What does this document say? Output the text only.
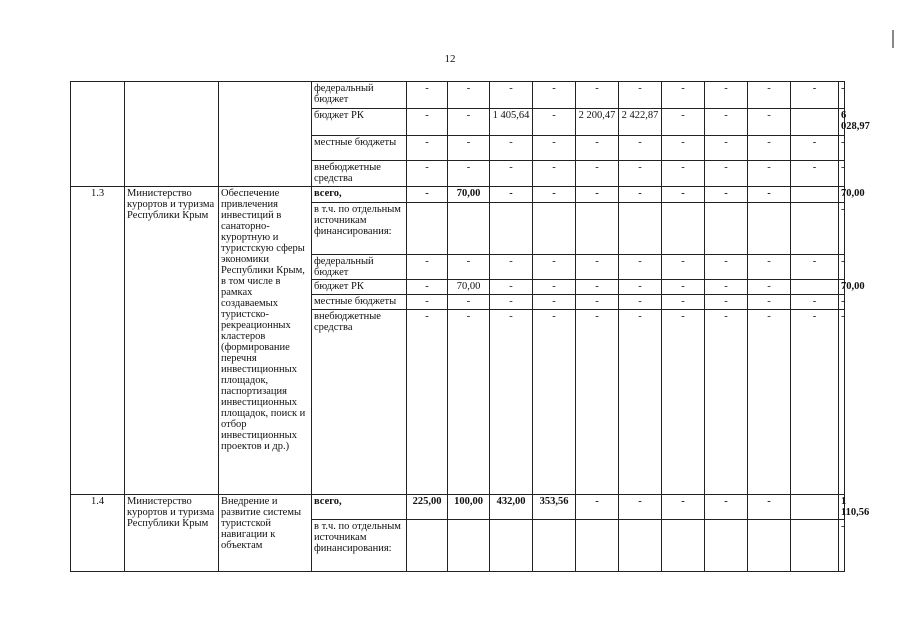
12
			федеральный бюджет	-	-	-	-	-	-	-	-	-	-	-
			бюджет РК	-	-	1 405,64	-	2 200,47	2 422,87	-	-	-		6 028,97
			местные бюджеты	-	-	-	-	-	-	-	-	-	-	-
			внебюджетные средства	-	-	-	-	-	-	-	-	-	-	-
1.3	Министерство курортов и туризма Республики Крым	Обеспечение привлечения инвестиций в санаторно-курортную и туристскую сферы экономики Республики Крым, в том числе в рамках создаваемых туристско-рекреационных кластеров (формирование перечня инвестиционных площадок, паспортизация инвестиционных площадок, поиск и отбор инвестиционных проектов и др.)	всего,	-	70,00	-	-	-	-	-	-	-		70,00
			в т.ч. по отдельным источникам финансирования:											-
			федеральный бюджет	-	-	-	-	-	-	-	-	-	-	-
			бюджет РК	-	70,00	-	-	-	-	-	-	-		70,00
			местные бюджеты	-	-	-	-	-	-	-	-	-	-	-
			внебюджетные средства	-	-	-	-	-	-	-	-	-	-	-
1.4	Министерство курортов и туризма Республики Крым	Внедрение и развитие системы туристской навигации к объектам	всего,	225,00	100,00	432,00	353,56	-	-	-	-	-		1 110,56
			в т.ч. по отдельным источникам финансирования:											-
